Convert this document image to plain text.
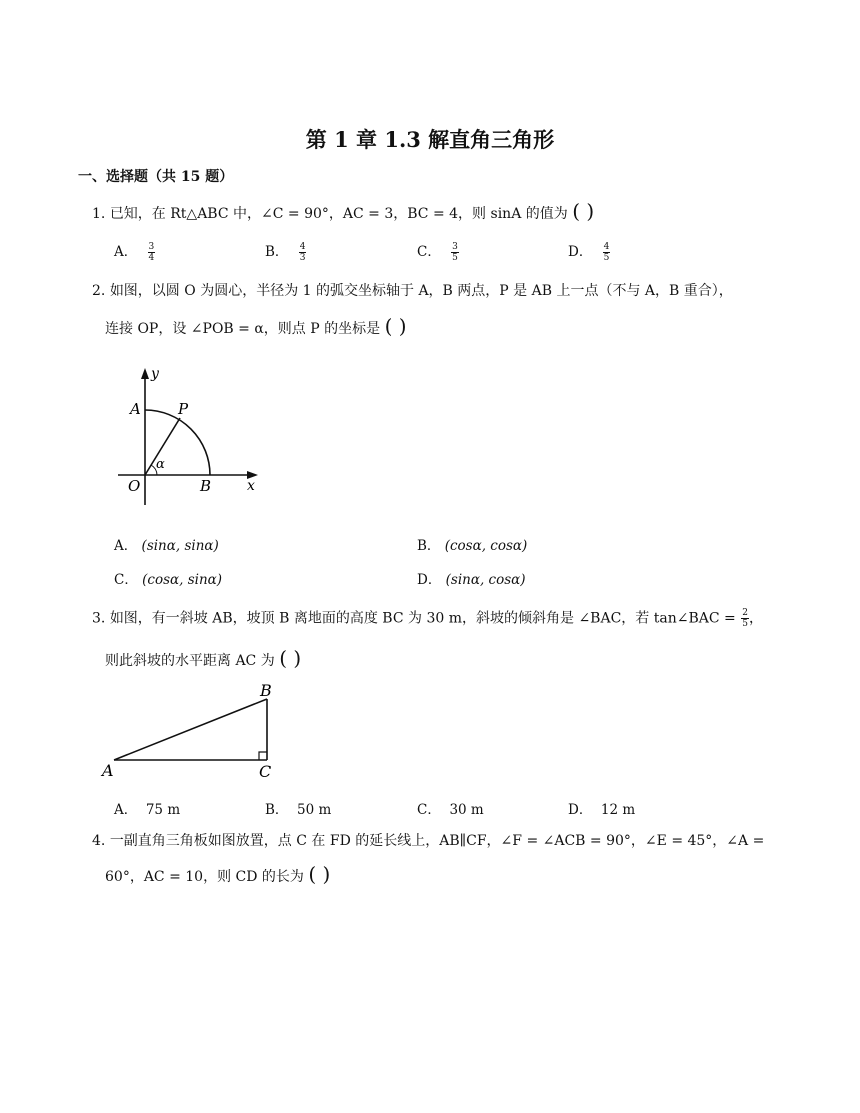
第 1 章 1.3 解直角三角形
一、选择题（共 15 题）
1. 已知，在 Rt△ABC 中，∠C = 90°，AC = 3，BC = 4，则 sinA 的值为 ( )
A． $\frac{3}{4}$	B． $\frac{4}{3}$	C． $\frac{3}{5}$	D． $\frac{4}{5}$
2. 如图，以圆 O 为圆心，半径为 1 的弧交坐标轴于 A，B 两点，P 是 AB 上一点（不与 A，B 重合），
连接 OP，设 ∠POB = α，则点 P 的坐标是 ( )
y
A P
α
O	B	x
A． (sinα, sinα)	B． (cosα, cosα)
C． (cosα, sinα)	D． (sinα, cosα)
3. 如图，有一斜坡 AB，坡顶 B 离地面的高度 BC 为 30 m，斜坡的倾斜角是 ∠BAC，若 tan∠BAC = $\frac{2}{5}$ ，
则此斜坡的水平距离 AC 为 ( )
A
B
C
A． 75 m	B． 50 m	C． 30 m	D． 12 m
4. 一副直角三角板如图放置，点 C 在 FD 的延长线上，AB∥CF，∠F = ∠ACB = 90°，∠E = 45°，∠A =
60°，AC = 10，则 CD 的长为 ( )
